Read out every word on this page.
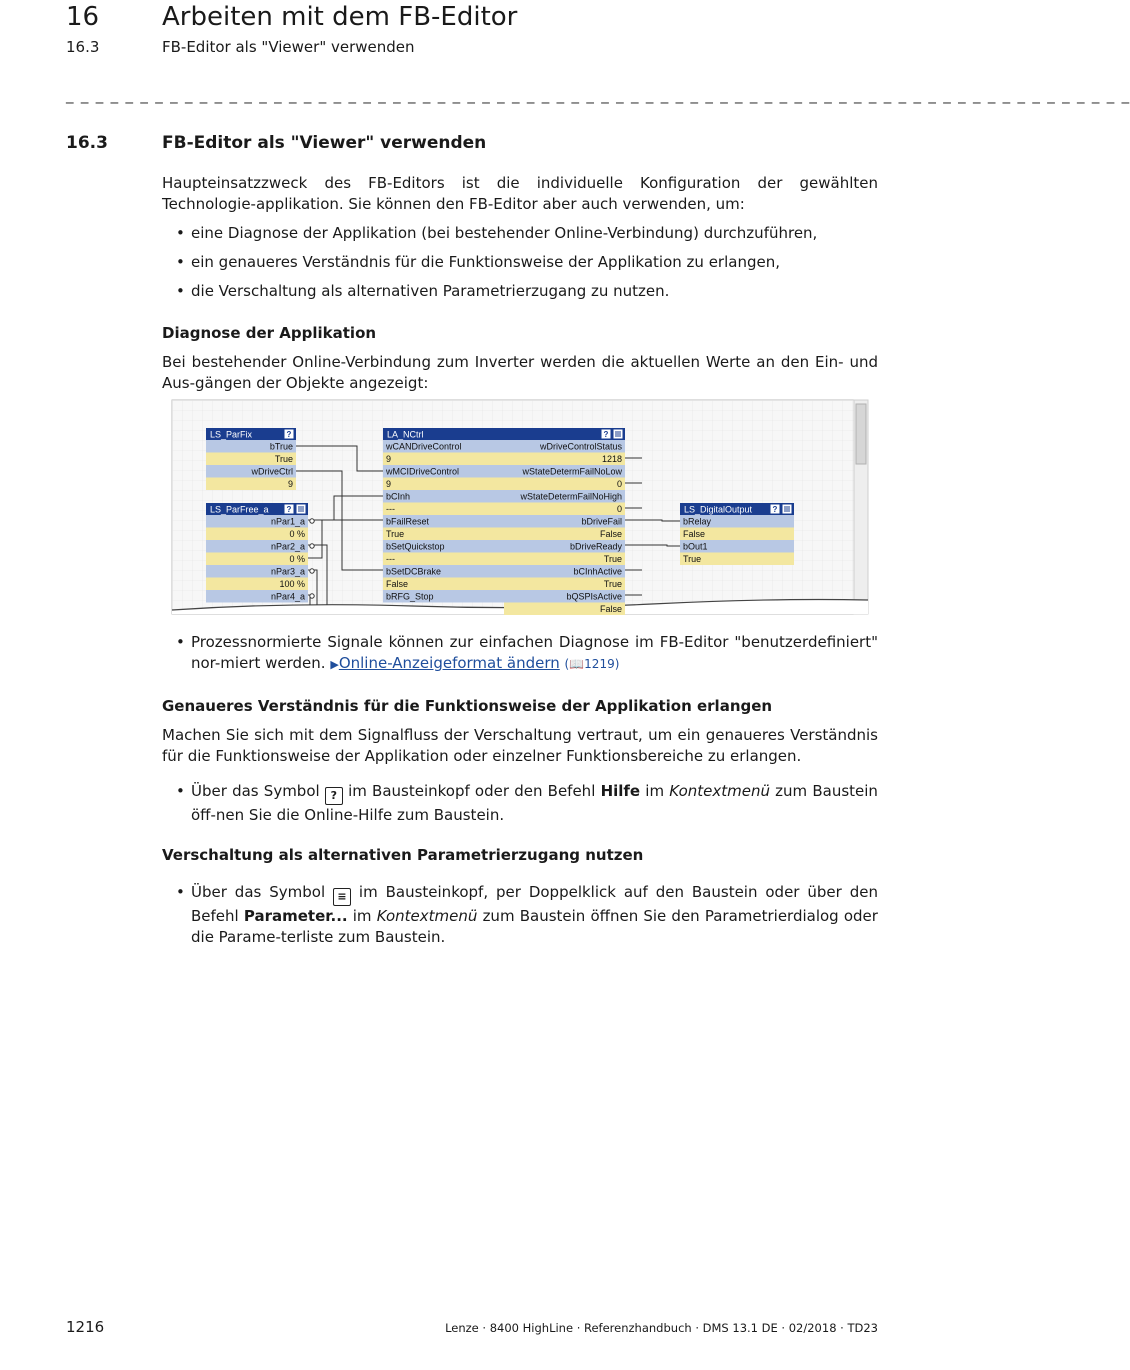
16 Arbeiten mit dem FB-Editor
16.3	FB-Editor als "Viewer" verwenden
_ _ _ _ _ _ _ _ _ _ _ _ _ _ _ _ _ _ _ _ _ _ _ _ _ _ _ _ _ _ _ _ _ _ _ _ _ _ _ _ _ _ _ _ _ _ _ _ _ _ _ _ _ _ _ _ _ _ _ _ _ _ _ _ _ _ _ _ _ _ _ _
16.3	FB-Editor als "Viewer" verwenden
Haupteinsatzzweck des FB-Editors ist die individuelle Konfiguration der gewählten Technologie-applikation. Sie können den FB-Editor aber auch verwenden, um:
• eine Diagnose der Applikation (bei bestehender Online-Verbindung) durchzuführen,
• ein genaueres Verständnis für die Funktionsweise der Applikation zu erlangen,
• die Verschaltung als alternativen Parametrierzugang zu nutzen.
Diagnose der Applikation
Bei bestehender Online-Verbindung zum Inverter werden die aktuellen Werte an den Ein- und Aus-gängen der Objekte angezeigt:
LS_ParFix	?
bTrue
True
wDriveCtrl
9
LS_ParFree_a ?
nPar1_a
0 %
nPar2_a
0 %
nPar3_a
100 %
nPar4_a
LA_NCtrl	?
wCANDriveControl
9
wMCIDriveControl
9
bCInh
---
bFailReset
True
bSetQuickstop
---
bSetDCBrake
False
bRFG_Stop
wDriveControlStatus
1218
wStateDetermFailNoLow
0
wStateDetermFailNoHigh
0
bDriveFail
False
bDriveReady
True
bCInhActive
True
bQSPIsActive
False
LS_DigitalOutput	?
bRelay
False
bOut1
True
• Prozessnormierte Signale können zur einfachen Diagnose im FB-Editor "benutzerdefiniert" nor-miert werden. ▶Online-Anzeigeformat ändern (📖1219)
Genaueres Verständnis für die Funktionsweise der Applikation erlangen
Machen Sie sich mit dem Signalfluss der Verschaltung vertraut, um ein genaueres Verständnis für die Funktionsweise der Applikation oder einzelner Funktionsbereiche zu erlangen.
• Über das Symbol ? im Bausteinkopf oder den Befehl Hilfe im Kontextmenü zum Baustein öff-nen Sie die Online-Hilfe zum Baustein.
Verschaltung als alternativen Parametrierzugang nutzen
• Über das Symbol ≡ im Bausteinkopf, per Doppelklick auf den Baustein oder über den Befehl Parameter... im Kontextmenü zum Baustein öffnen Sie den Parametrierdialog oder die Parame-terliste zum Baustein.
1216	Lenze · 8400 HighLine · Referenzhandbuch · DMS 13.1 DE · 02/2018 · TD23
